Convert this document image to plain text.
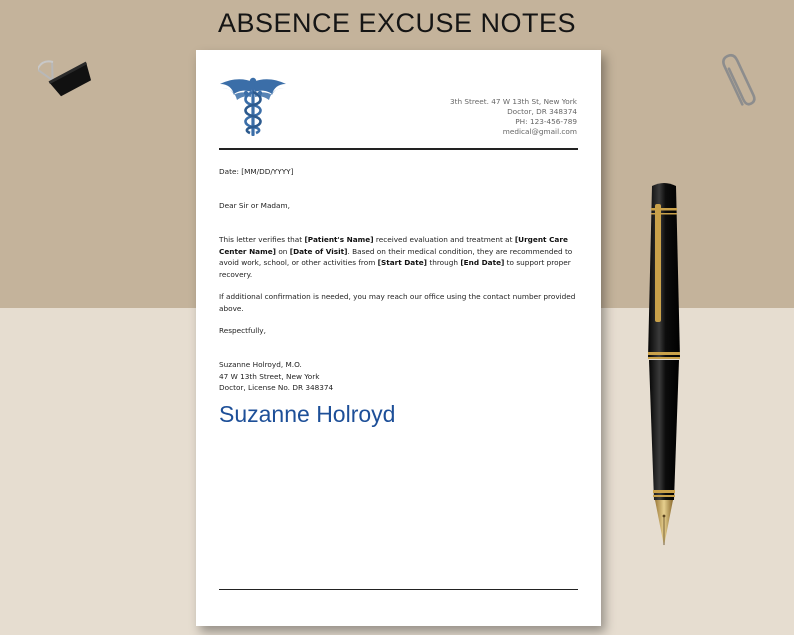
ABSENCE EXCUSE NOTES
3th Street. 47 W 13th St, New York
Doctor, DR 348374
PH: 123-456-789
medical@gmail.com
Date: [MM/DD/YYYY]
Dear Sir or Madam,
This letter verifies that [Patient's Name] received evaluation and treatment at [Urgent Care Center Name] on [Date of Visit]. Based on their medical condition, they are recommended to avoid work, school, or other activities from [Start Date] through [End Date] to support proper recovery.
If additional confirmation is needed, you may reach our office using the contact number provided above.
Respectfully,
Suzanne Holroyd, M.O.
47 W 13th Street, New York
Doctor, License No. DR 348374
Suzanne Holroyd
